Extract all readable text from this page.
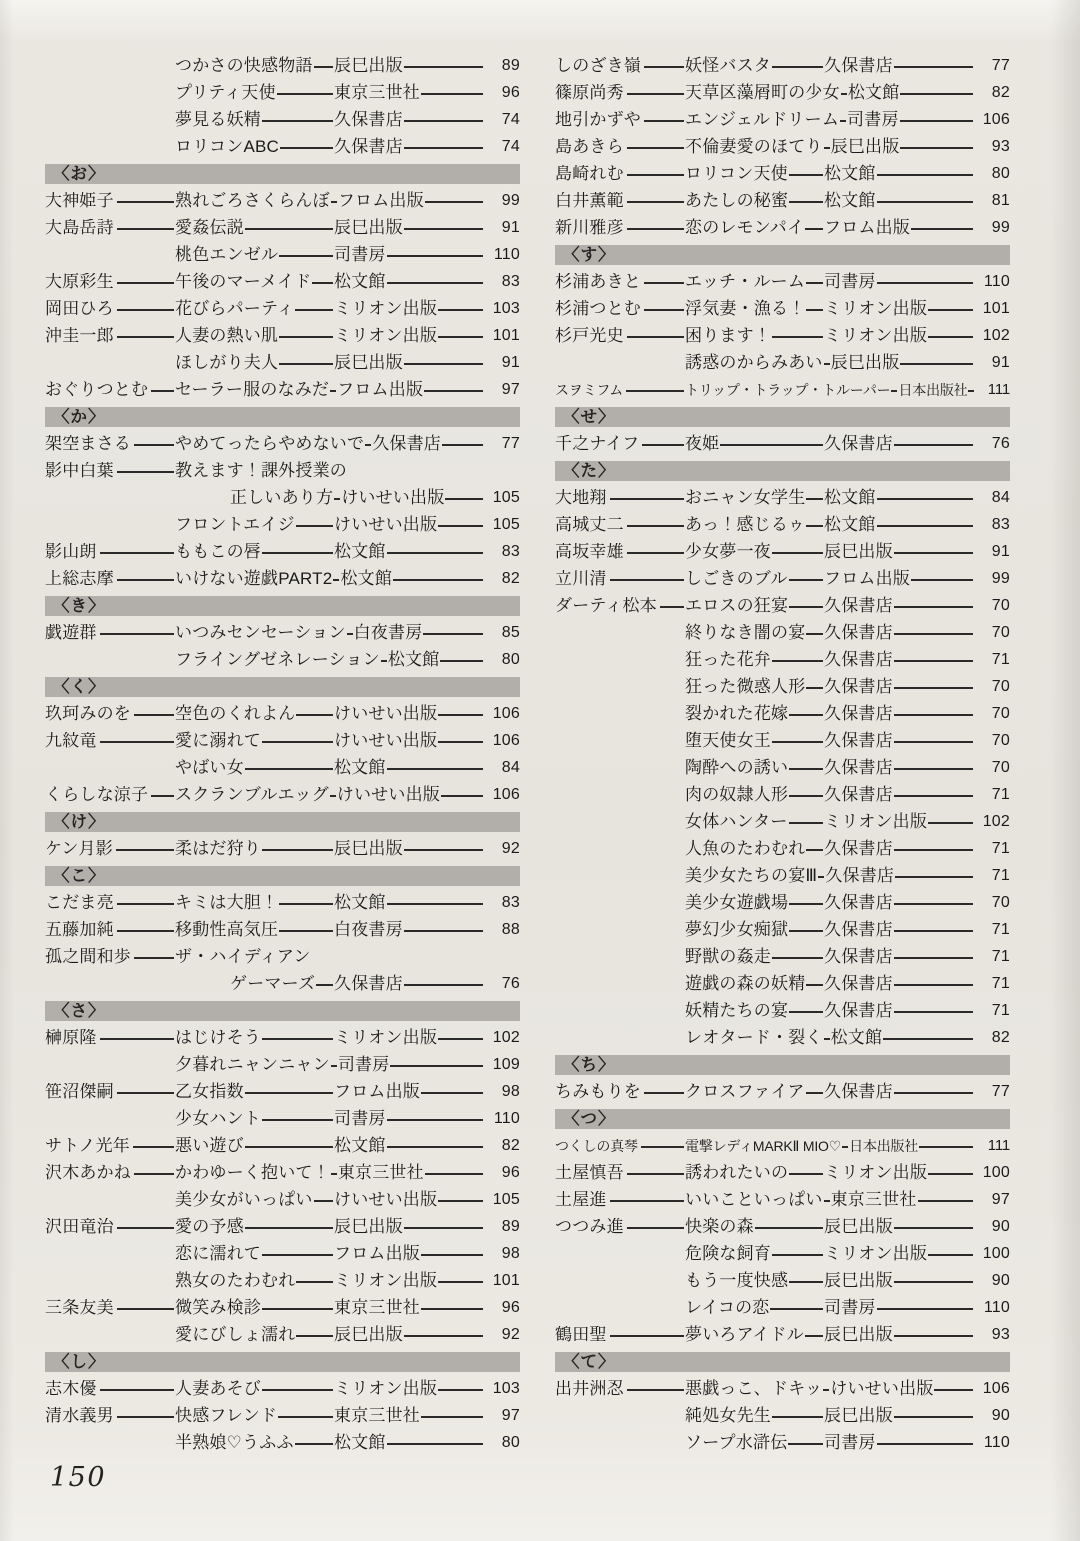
つかさの快感物語 辰巳出版	89
プリティ天使	東京三世社	96
夢見る妖精	久保書店	74
ロリコンABC	久保書店	74
〈お〉
大神姫子	熟れごろさくらんぼ フロム出版	99
大島岳詩	愛姦伝説	辰巳出版	91
桃色エンゼル	司書房	110
大原彩生	午後のマーメイド 松文館	83
岡田ひろ	花びらパーティ ミリオン出版	103
沖圭一郎	人妻の熱い肌	ミリオン出版	101
ほしがり夫人	辰巳出版	91
おぐりつとむ セーラー服のなみだ フロム出版	97
〈か〉
架空まさる	やめてったらやめないで 久保書店	77
影中白葉	教えます！課外授業の
正しいあり方 けいせい出版	105
フロントエイジ けいせい出版	105
影山朗	ももこの唇	松文館	83
上総志摩	いけない遊戯PART2 松文館	82
〈き〉
戯遊群	いつみセンセーション 白夜書房	85
フライングゼネレーション 松文館	80
〈く〉
玖珂みのを	空色のくれよん けいせい出版	106
九紋竜	愛に溺れて	けいせい出版	106
やばい女	松文館	84
くらしな涼子 スクランブルエッグ けいせい出版	106
〈け〉
ケン月影	柔はだ狩り	辰巳出版	92
〈こ〉
こだま亮	キミは大胆！	松文館	83
五藤加純	移動性高気圧	白夜書房	88
孤之間和歩	ザ・ハイディアン
ゲーマーズ 久保書店	76
〈さ〉
榊原隆	はじけそう	ミリオン出版	102
夕暮れニャンニャン 司書房	109
笹沼傑嗣	乙女指数	フロム出版	98
少女ハント	司書房	110
サトノ光年	悪い遊び	松文館	82
沢木あかね	かわゆーく抱いて！ 東京三世社	96
美少女がいっぱい けいせい出版	105
沢田竜治	愛の予感	辰巳出版	89
恋に濡れて	フロム出版	98
熟女のたわむれ ミリオン出版	101
三条友美	微笑み検診	東京三世社	96
愛にびしょ濡れ 辰巳出版	92
〈し〉
志木優	人妻あそび	ミリオン出版	103
清水義男	快感フレンド	東京三世社	97
半熟娘♡うふふ 松文館	80
しのざき嶺	妖怪バスタ	久保書店	77
篠原尚秀	天草区藻屑町の少女 松文館	82
地引かずや	エンジェルドリーム 司書房	106
島あきら	不倫妻愛のほてり 辰巳出版	93
島崎れむ	ロリコン天使 松文館	80
白井薫範	あたしの秘蜜 松文館	81
新川雅彦	恋のレモンパイ フロム出版	99
〈す〉
杉浦あきと	エッチ・ルーム 司書房	110
杉浦つとむ	浮気妻・漁る！ ミリオン出版	101
杉戸光史	困ります！	ミリオン出版	102
誘惑のからみあい 辰巳出版	91
スヲミフム	トリップ・トラップ・トルーパー 日本出版社	111
〈せ〉
千之ナイフ	夜姫	久保書店	76
〈た〉
大地翔	おニャン女学生 松文館	84
高城丈二	あっ！感じるゥ 松文館	83
高坂幸雄	少女夢一夜	辰巳出版	91
立川清	しごきのブル フロム出版	99
ダーティ松本 エロスの狂宴 久保書店	70
終りなき闇の宴 久保書店	70
狂った花弁	久保書店	71
狂った微惑人形 久保書店	70
裂かれた花嫁 久保書店	70
堕天使女王	久保書店	70
陶酔への誘い 久保書店	70
肉の奴隷人形 久保書店	71
女体ハンター ミリオン出版	102
人魚のたわむれ 久保書店	71
美少女たちの宴Ⅲ 久保書店	71
美少女遊戯場 久保書店	70
夢幻少女痴獄 久保書店	71
野獣の姦走	久保書店	71
遊戯の森の妖精 久保書店	71
妖精たちの宴 久保書店	71
レオタード・裂く 松文館	82
〈ち〉
ちみもりを	クロスファイア 久保書店	77
〈つ〉
つくしの真琴	電撃レディMARKⅡ MIO♡ 日本出版社	111
土屋慎吾	誘われたいの ミリオン出版	100
土屋進	いいこといっぱい 東京三世社	97
つつみ進	快楽の森	辰巳出版	90
危険な飼育	ミリオン出版	100
もう一度快感 辰巳出版	90
レイコの恋	司書房	110
鶴田聖	夢いろアイドル 辰巳出版	93
〈て〉
出井洲忍	悪戯っこ、ドキッ けいせい出版	106
純処女先生	辰巳出版	90
ソープ水滸伝 司書房	110
150
